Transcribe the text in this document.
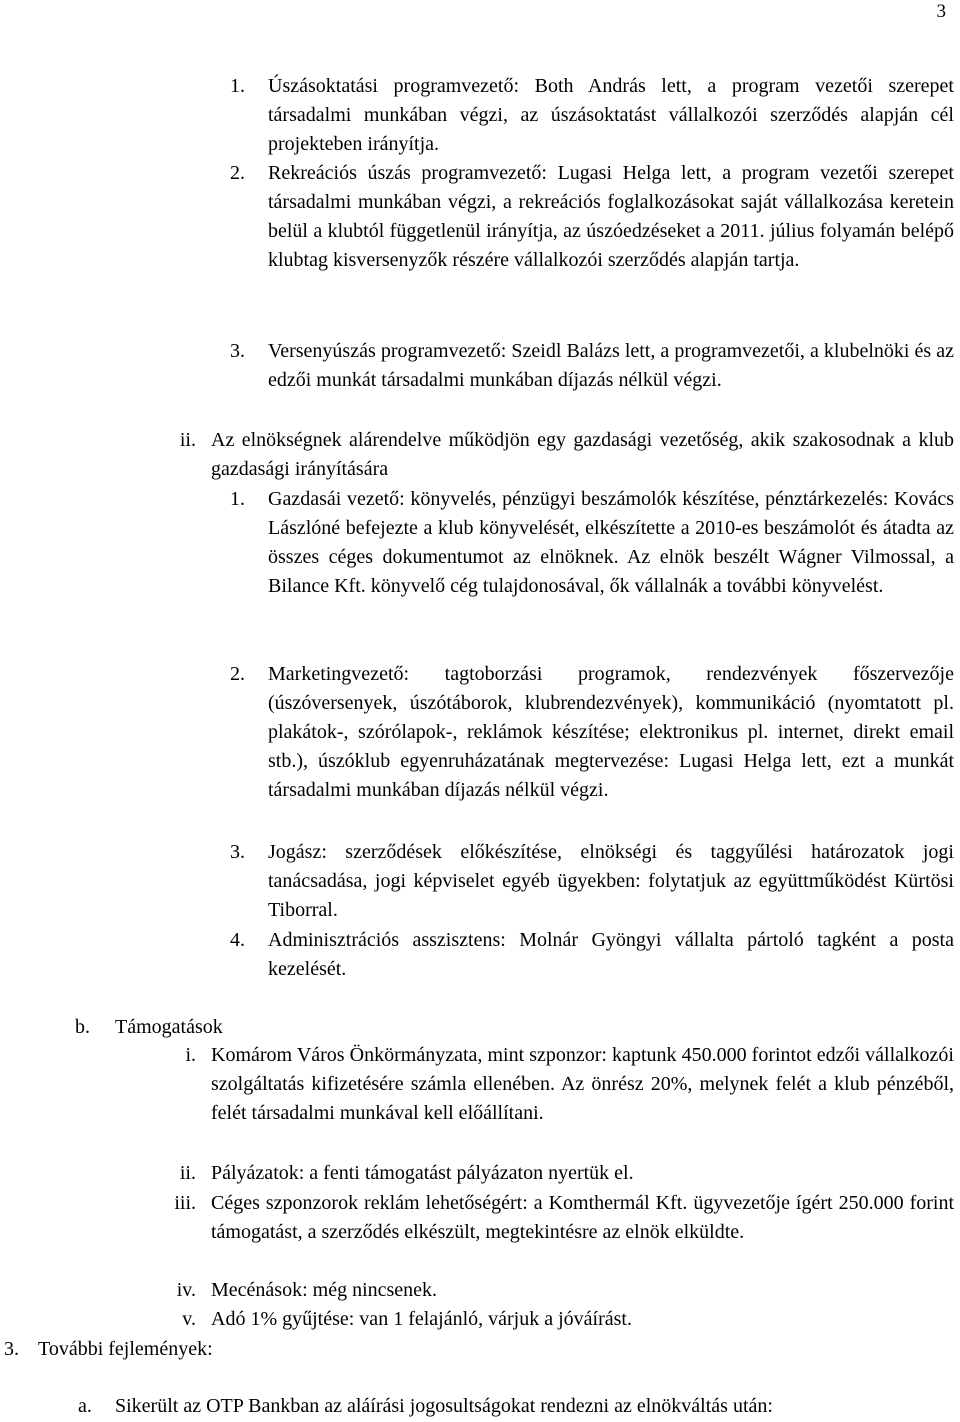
3
1. Úszásoktatási programvezető: Both András lett, a program vezetői szerepet társadalmi munkában végzi, az úszásoktatást vállalkozói szerződés alapján cél projekteben irányítja.
2. Rekreációs úszás programvezető: Lugasi Helga lett, a program vezetői szerepet társadalmi munkában végzi, a rekreációs foglalkozásokat saját vállalkozása keretein belül a klubtól függetlenül irányítja, az úszóedzéseket a 2011. július folyamán belépő klubtag kisversenyzők részére vállalkozói szerződés alapján tartja.
3. Versenyúszás programvezető: Szeidl Balázs lett, a programvezetői, a klubelnöki és az edzői munkát társadalmi munkában díjazás nélkül végzi.
ii. Az elnökségnek alárendelve működjön egy gazdasági vezetőség, akik szakosodnak a klub gazdasági irányítására
1. Gazdasái vezető: könyvelés, pénzügyi beszámolók készítése, pénztárkezelés: Kovács Lászlóné befejezte a klub könyvelését, elkészítette a 2010-es beszámolót és átadta az összes céges dokumentumot az elnöknek. Az elnök beszélt Wágner Vilmossal, a Bilance Kft. könyvelő cég tulajdonosával, ők vállalnák a további könyvelést.
2. Marketingvezető: tagtoborzási programok, rendezvények főszervezője (úszóversenyek, úszótáborok, klubrendezvények), kommunikáció (nyomtatott pl. plakátok-, szórólapok-, reklámok készítése; elektronikus pl. internet, direkt email stb.), úszóklub egyenruházatának megtervezése: Lugasi Helga lett, ezt a munkát társadalmi munkában díjazás nélkül végzi.
3. Jogász: szerződések előkészítése, elnökségi és taggyűlési határozatok jogi tanácsadása, jogi képviselet egyéb ügyekben: folytatjuk az együttműködést Kürtösi Tiborral.
4. Adminisztrációs asszisztens: Molnár Gyöngyi vállalta pártoló tagként a posta kezelését.
b. Támogatások
i. Komárom Város Önkörmányzata, mint szponzor: kaptunk 450.000 forintot edzői vállalkozói szolgáltatás kifizetésére számla ellenében. Az önrész 20%, melynek felét a klub pénzéből, felét társadalmi munkával kell előállítani.
ii. Pályázatok: a fenti támogatást pályázaton nyertük el.
iii. Céges szponzorok reklám lehetőségért: a Komthermál Kft. ügyvezetője ígért 250.000 forint támogatást, a szerződés elkészült, megtekintésre az elnök elküldte.
iv. Mecénások: még nincsenek.
v. Adó 1% gyűjtése: van 1 felajánló, várjuk a jóváírást.
3. További fejlemények:
a. Sikerült az OTP Bankban az aláírási jogosultságokat rendezni az elnökváltás után:
